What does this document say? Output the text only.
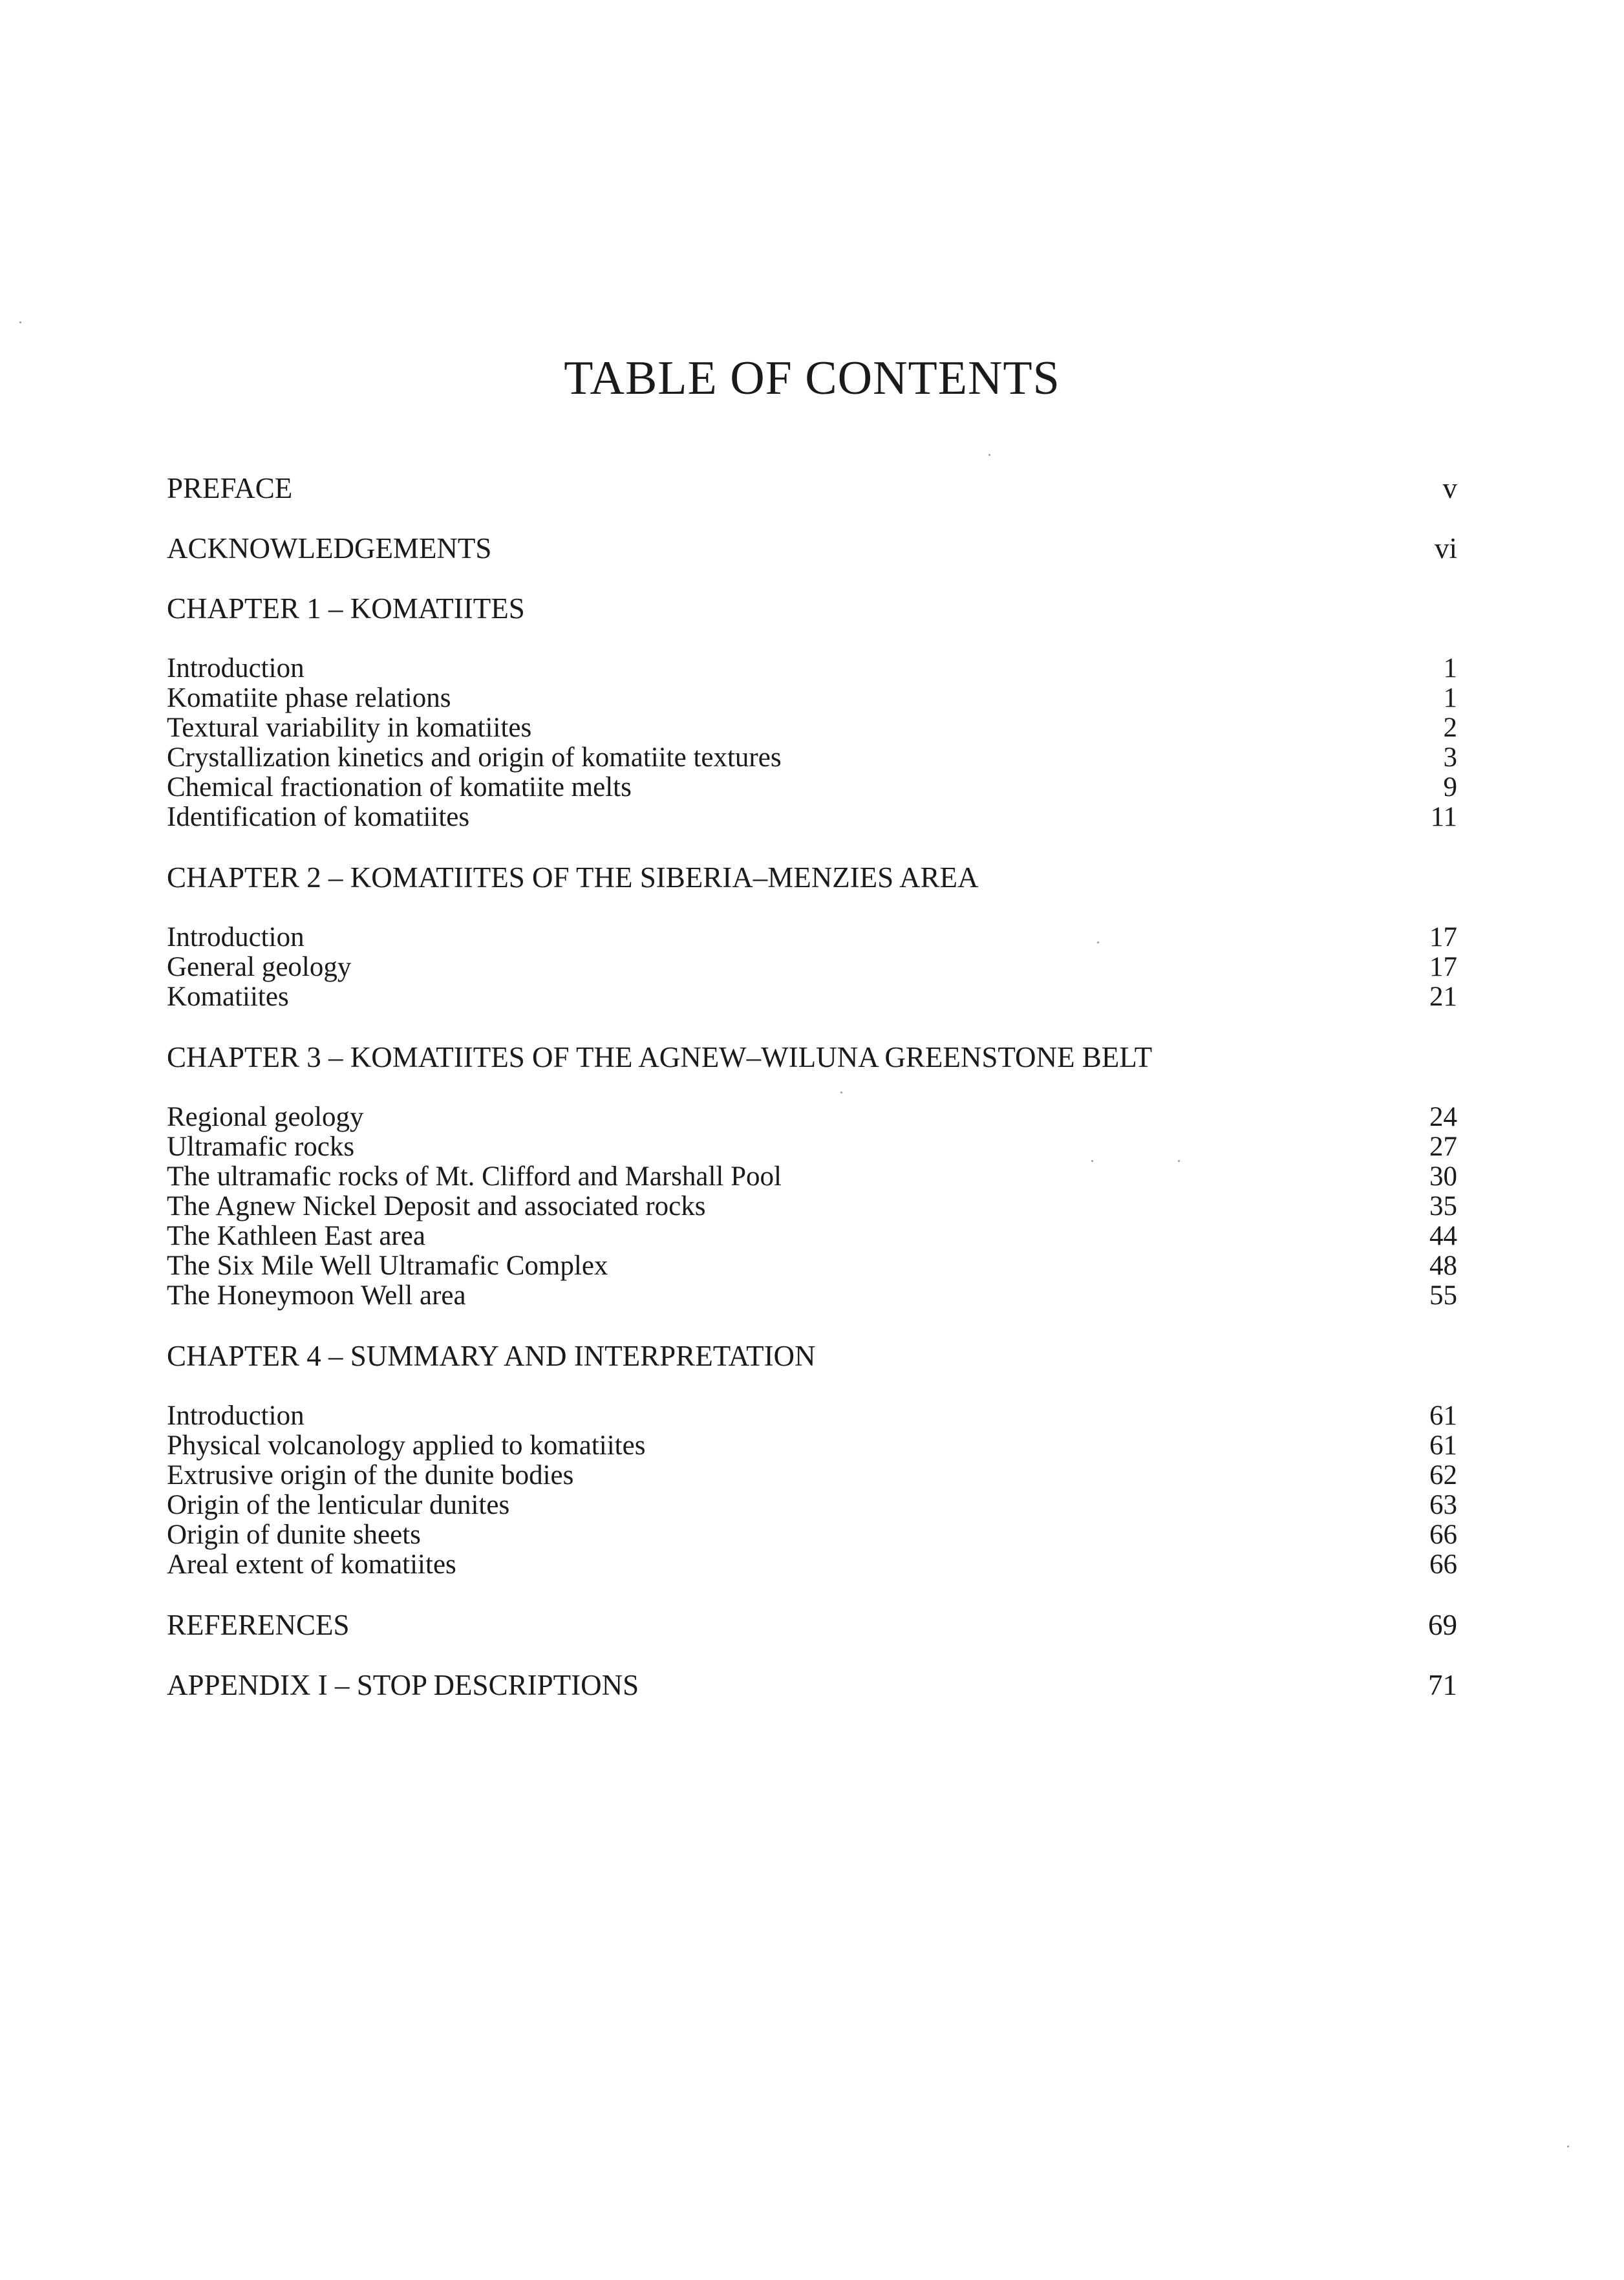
TABLE OF CONTENTS
PREFACE	v
ACKNOWLEDGEMENTS	vi
CHAPTER 1 – KOMATIITES
Introduction	1
Komatiite phase relations	1
Textural variability in komatiites	2
Crystallization kinetics and origin of komatiite textures	3
Chemical fractionation of komatiite melts	9
Identification of komatiites	11
CHAPTER 2 – KOMATIITES OF THE SIBERIA–MENZIES AREA
Introduction	17
General geology	17
Komatiites	21
CHAPTER 3 – KOMATIITES OF THE AGNEW–WILUNA GREENSTONE BELT
Regional geology	24
Ultramafic rocks	27
The ultramafic rocks of Mt. Clifford and Marshall Pool	30
The Agnew Nickel Deposit and associated rocks	35
The Kathleen East area	44
The Six Mile Well Ultramafic Complex	48
The Honeymoon Well area	55
CHAPTER 4 – SUMMARY AND INTERPRETATION
Introduction	61
Physical volcanology applied to komatiites	61
Extrusive origin of the dunite bodies	62
Origin of the lenticular dunites	63
Origin of dunite sheets	66
Areal extent of komatiites	66
REFERENCES	69
APPENDIX I – STOP DESCRIPTIONS	71
